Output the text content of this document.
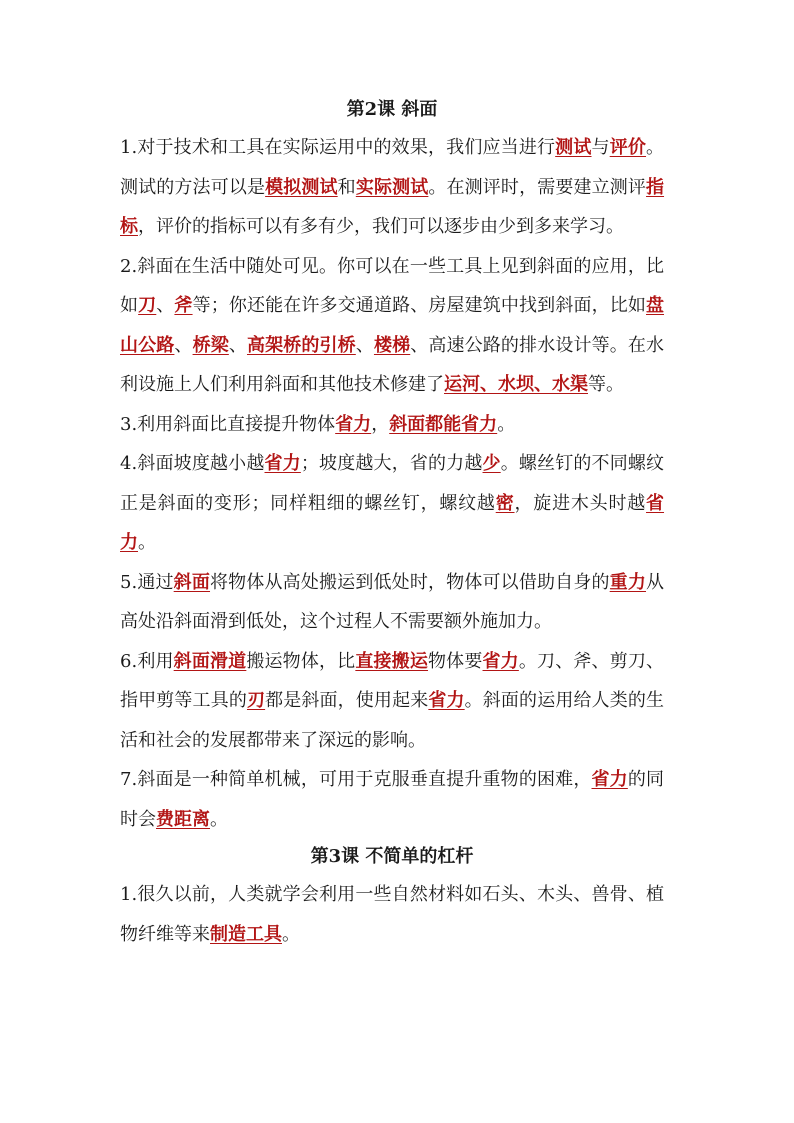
第2课 斜面

1.对于技术和工具在实际运用中的效果，我们应当进行测试与评价。测试的方法可以是模拟测试和实际测试。在测评时，需要建立测评指标，评价的指标可以有多有少，我们可以逐步由少到多来学习。

2.斜面在生活中随处可见。你可以在一些工具上见到斜面的应用，比如刀、斧等；你还能在许多交通道路、房屋建筑中找到斜面，比如盘山公路、桥梁、高架桥的引桥、楼梯、高速公路的排水设计等。在水利设施上人们利用斜面和其他技术修建了运河、水坝、水渠等。

3.利用斜面比直接提升物体省力，斜面都能省力。

4.斜面坡度越小越省力；坡度越大，省的力越少。螺丝钉的不同螺纹正是斜面的变形；同样粗细的螺丝钉，螺纹越密，旋进木头时越省力。

5.通过斜面将物体从高处搬运到低处时，物体可以借助自身的重力从高处沿斜面滑到低处，这个过程人不需要额外施加力。

6.利用斜面滑道搬运物体，比直接搬运物体要省力。刀、斧、剪刀、指甲剪等工具的刃都是斜面，使用起来省力。斜面的运用给人类的生活和社会的发展都带来了深远的影响。

7.斜面是一种简单机械，可用于克服垂直提升重物的困难，省力的同时会费距离。

第3课 不简单的杠杆

1.很久以前，人类就学会利用一些自然材料如石头、木头、兽骨、植物纤维等来制造工具。
